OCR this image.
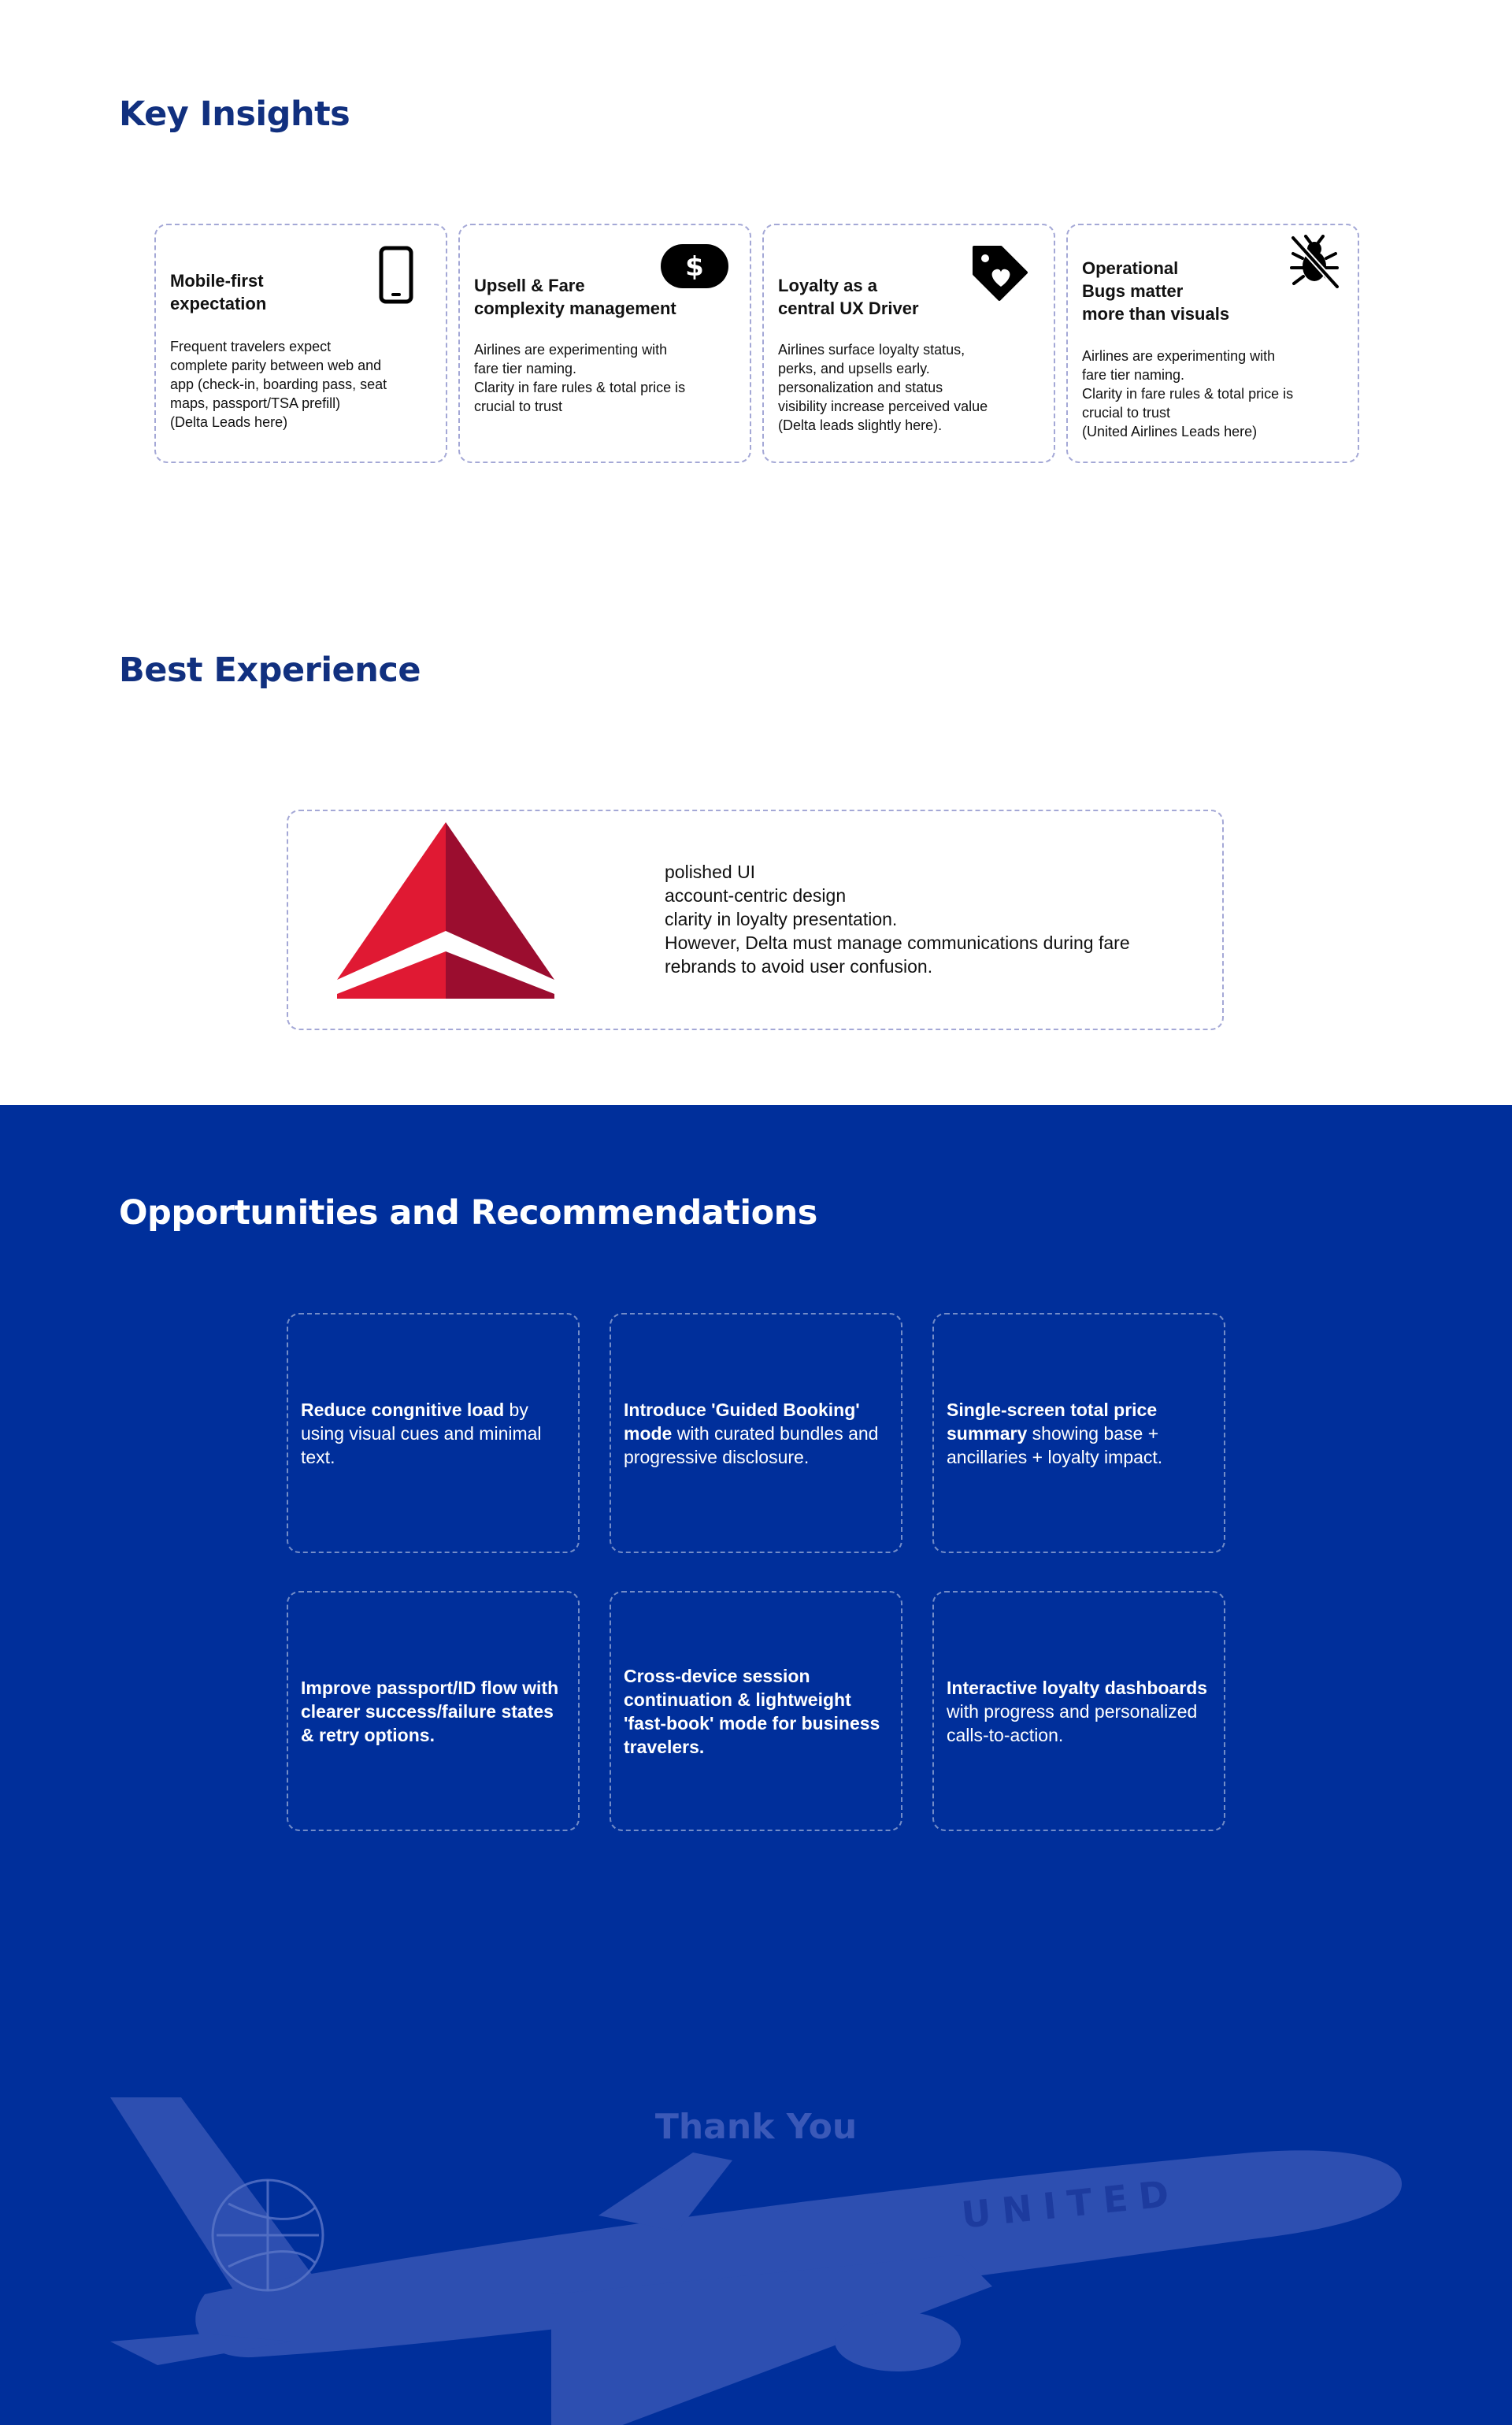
Key Insights
Mobile-first
expectation
Frequent travelers expect
complete parity between web and
app (check-in, boarding pass, seat
maps, passport/TSA prefill)
(Delta Leads here)
$
Upsell & Fare
complexity management
Airlines are experimenting with
fare tier naming.
Clarity in fare rules & total price is
crucial to trust
Loyalty as a
central UX Driver
Airlines surface loyalty status,
perks, and upsells early.
personalization and status
visibility increase perceived value
(Delta leads slightly here).
Operational
Bugs matter
more than visuals
Airlines are experimenting with
fare tier naming.
Clarity in fare rules & total price is
crucial to trust
(United Airlines Leads here)
Best Experience
polished UI
account-centric design
clarity in loyalty presentation.
However, Delta must manage communications during fare rebrands to avoid user confusion.
Opportunities and Recommendations
Reduce congnitive load by using visual cues and minimal text.
Introduce 'Guided Booking' mode with curated bundles and progressive disclosure.
Single-screen total price summary showing base + ancillaries + loyalty impact.
Improve passport/ID flow with clearer success/failure states & retry options.
Cross-device session continuation & lightweight 'fast-book' mode for business travelers.
Interactive loyalty dashboards with progress and personalized calls-to-action.
UNITED
Thank You
